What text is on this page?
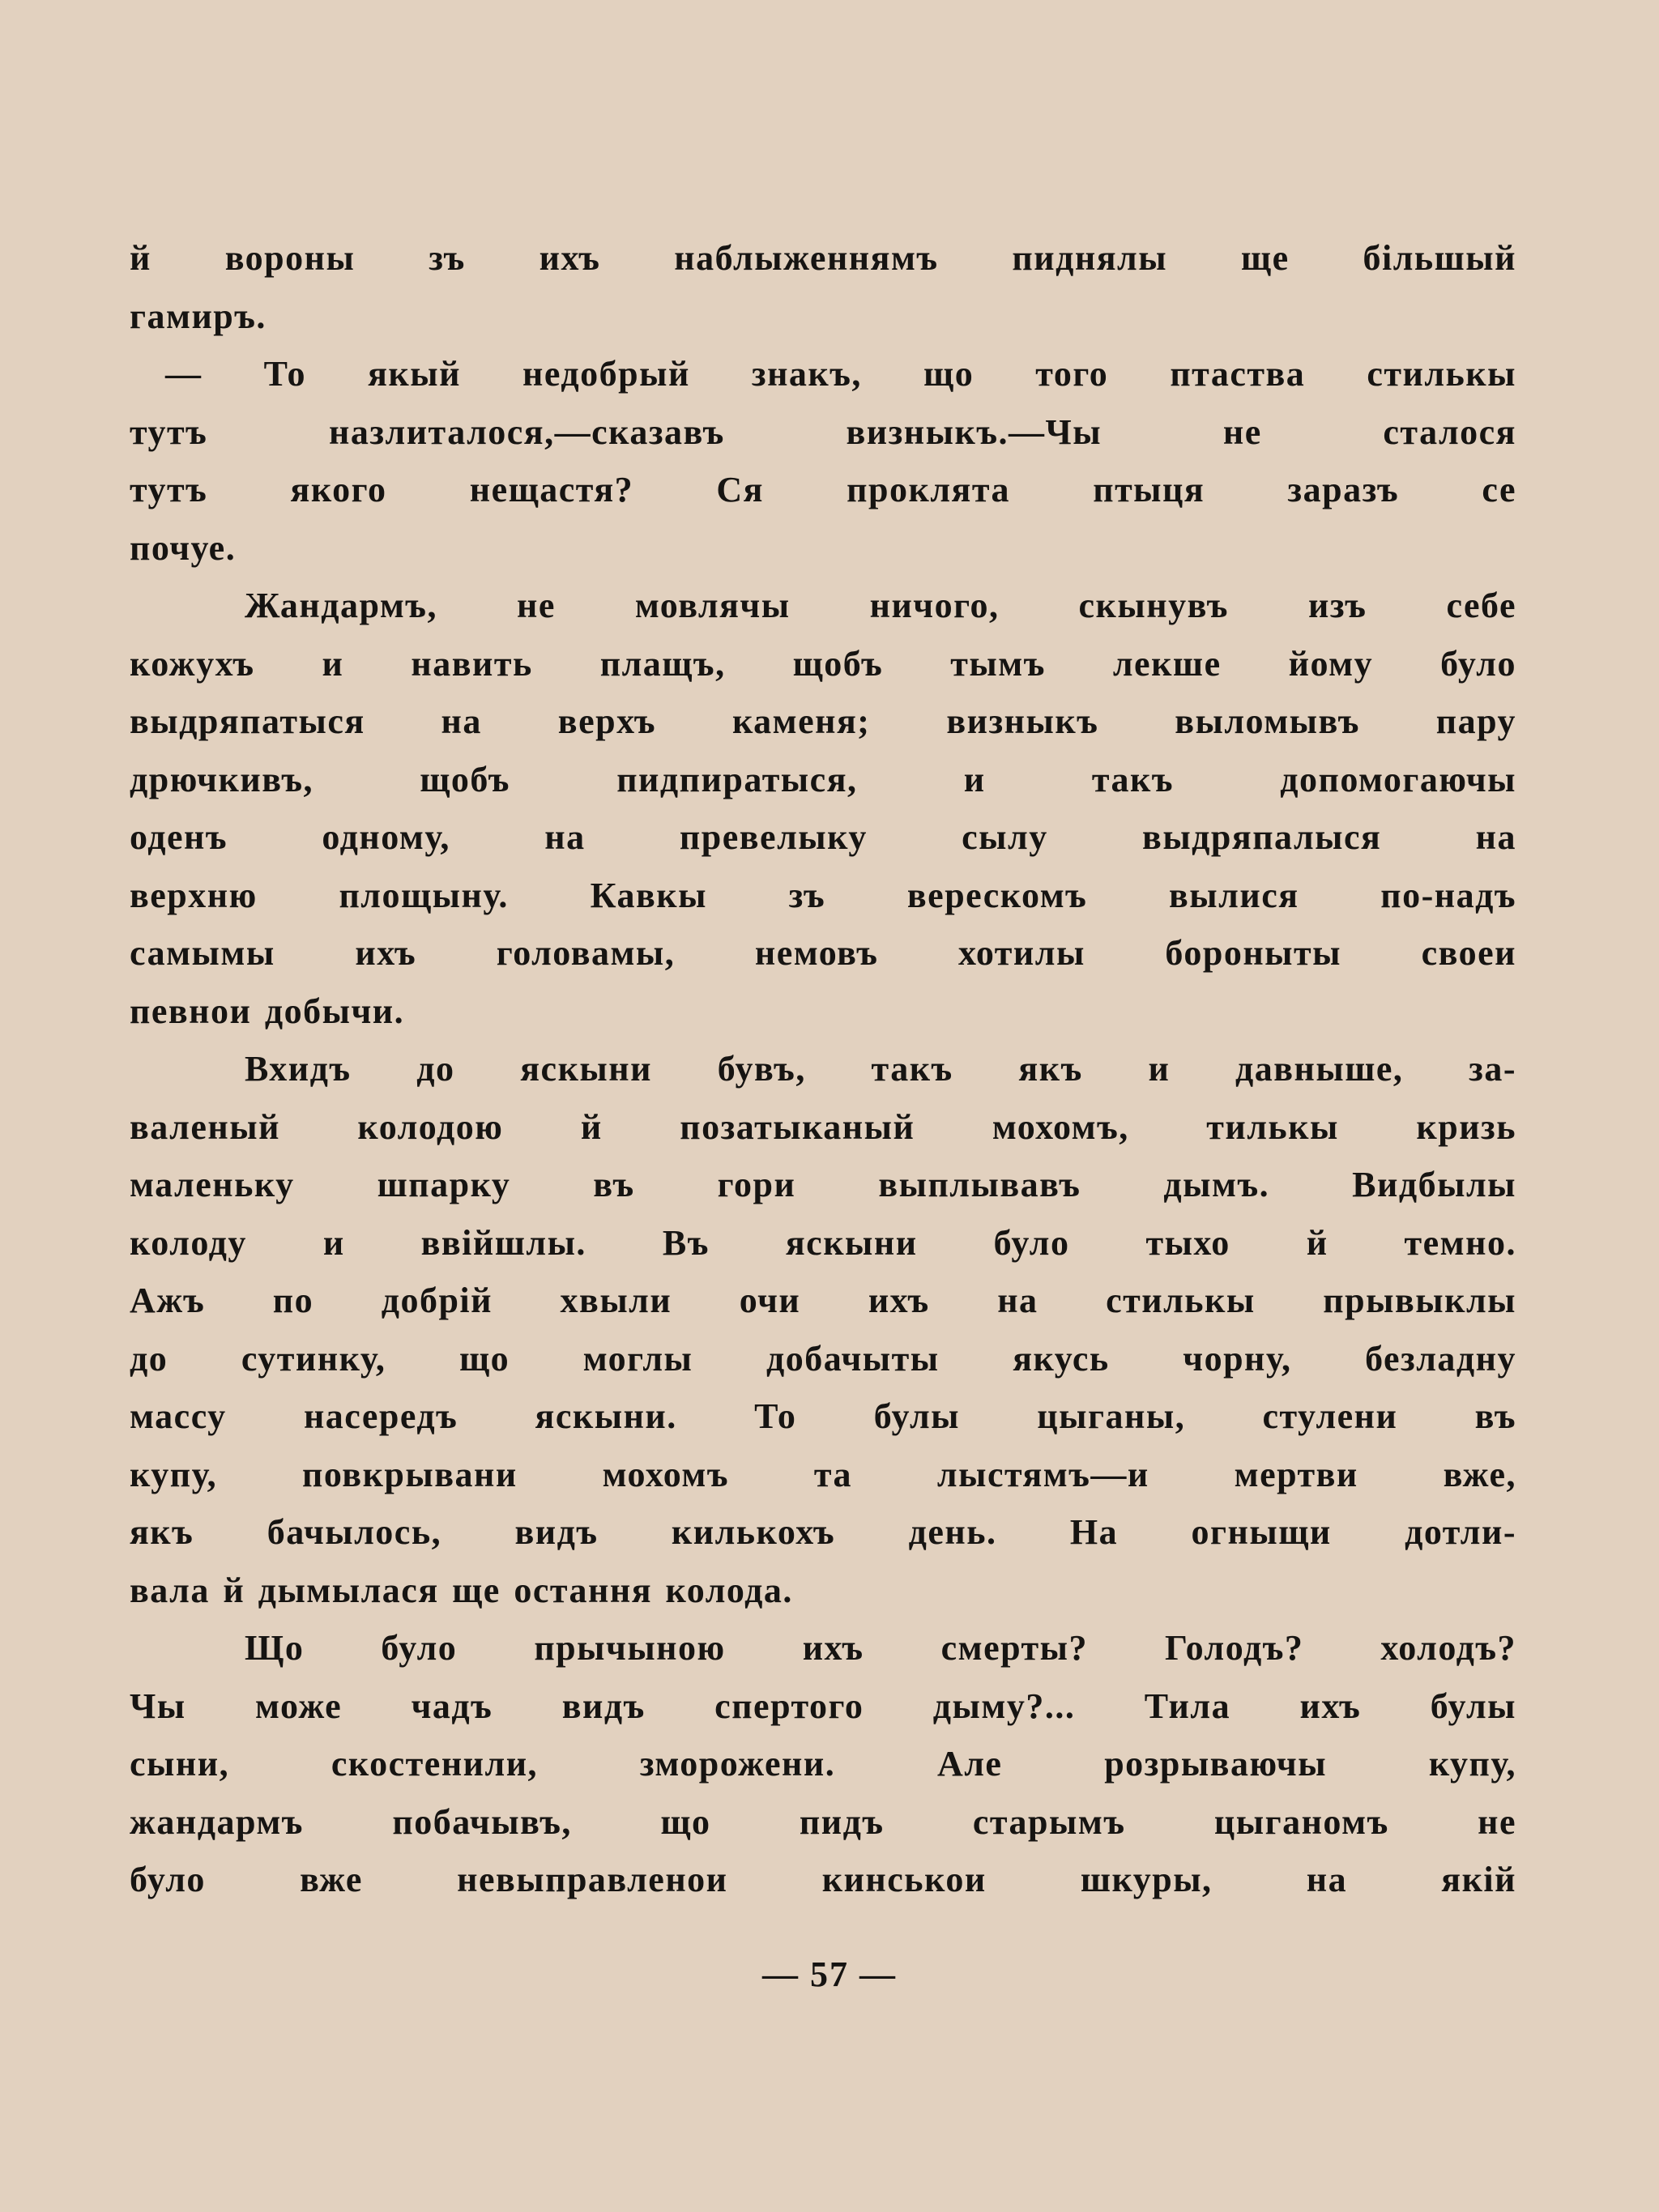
й вороны зъ ихъ наблыженнямъ пиднялы ще більшый
гамиръ.
— То якый недобрый знакъ, що того птаства стилькы
тутъ назлиталося,—сказавъ визныкъ.—Чы не сталося
тутъ якого нещастя? Ся проклята птыця заразъ се
почуе.
Жандармъ, не мовлячы ничого, скынувъ изъ себе
кожухъ и навить плащъ, щобъ тымъ лекше йому було
выдряпатыся на верхъ каменя; визныкъ выломывъ пару
дрючкивъ, щобъ пидпиратыся, и такъ допомогаючы
оденъ одному, на превелыку сылу выдряпалыся на
верхню площыну. Кавкы зъ верескомъ вылися по-надъ
самымы ихъ головамы, немовъ хотилы бороныты своеи
певнои добычи.
Вхидъ до яскыни бувъ, такъ якъ и давныше, за-
валеный колодою й позатыканый мохомъ, тилькы кризь
маленьку шпарку въ гори выплывавъ дымъ. Видбылы
колоду и ввійшлы. Въ яскыни було тыхо й темно.
Ажъ по добрій хвыли очи ихъ на стилькы прывыклы
до сутинку, що моглы добачыты якусь чорну, безладну
массу насередъ яскыни. То булы цыганы, стулени въ
купу, повкрывани мохомъ та лыстямъ—и мертви вже,
якъ бачылось, видъ килькохъ день. На огныщи дотли-
вала й дымылася ще остання колода.
Що було прычыною ихъ смерты? Голодъ? холодъ?
Чы може чадъ видъ спертого дыму?... Тила ихъ булы
сыни, скостенили, зморожени. Але розрываючы купу,
жандармъ побачывъ, що пидъ старымъ цыганомъ не
було вже невыправленои кинськои шкуры, на якій
— 57 —
